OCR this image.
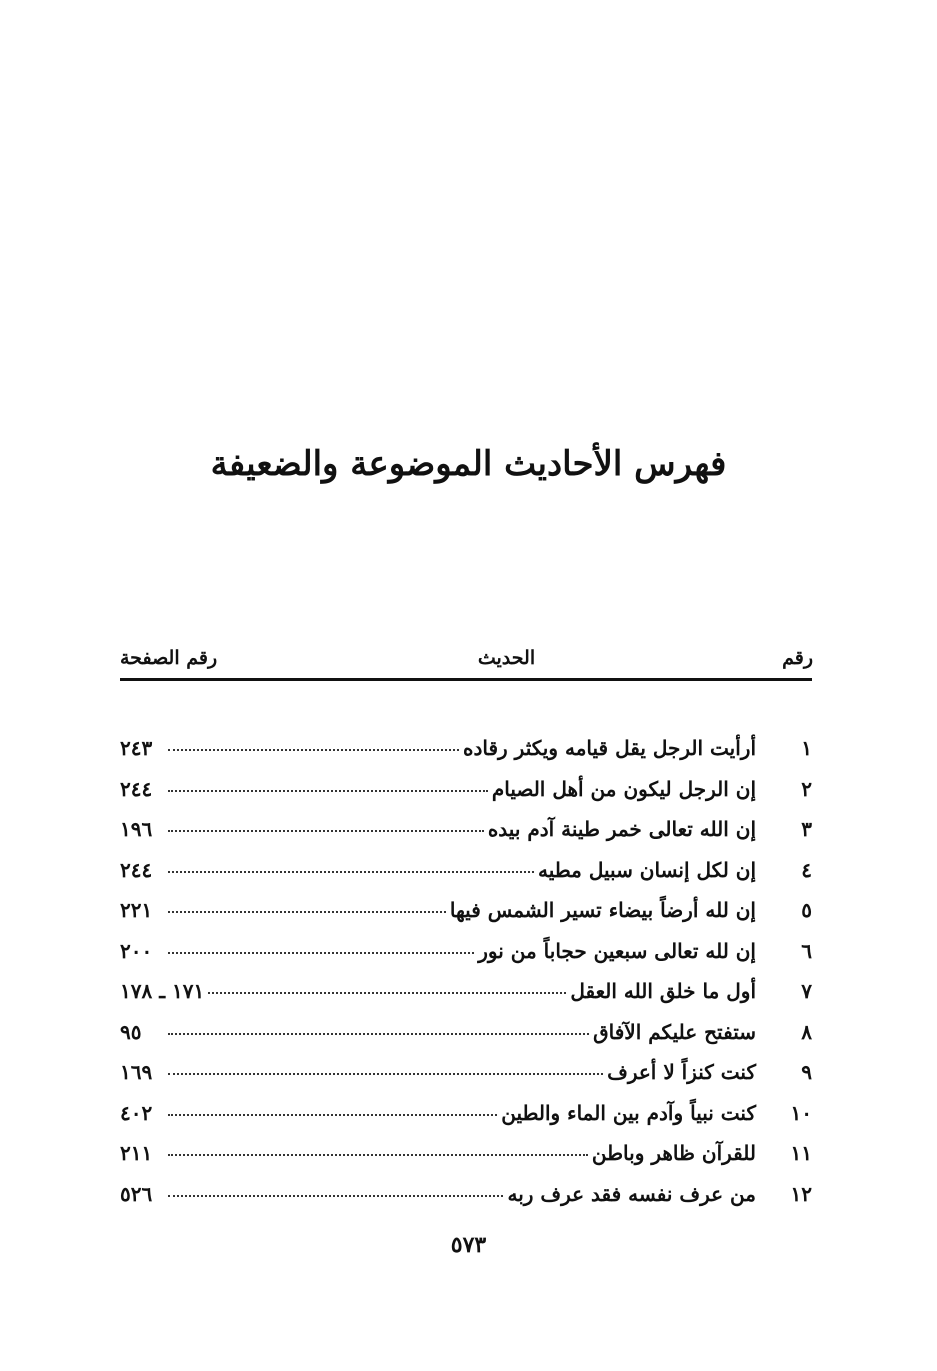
فهرس الأحاديث الموضوعة والضعيفة
رقم
الحديث
رقم الصفحة
١
أرأيت الرجل يقل قيامه ويكثر رقاده
٢٤٣
٢
إن الرجل ليكون من أهل الصيام
٢٤٤
٣
إن الله تعالى خمر طينة آدم بيده
١٩٦
٤
إن لكل إنسان سبيل مطيه
٢٤٤
٥
إن لله أرضاً بيضاء تسير الشمس فيها
٢٢١
٦
إن لله تعالى سبعين حجاباً من نور
٢٠٠
٧
أول ما خلق الله العقل
١٧١ ـ ١٧٨
٨
ستفتح عليكم الآفاق
٩٥
٩
كنت كنزاً لا أعرف
١٦٩
١٠
كنت نبياً وآدم بين الماء والطين
٤٠٢
١١
للقرآن ظاهر وباطن
٢١١
١٢
من عرف نفسه فقد عرف ربه
٥٢٦
٥٧٣
